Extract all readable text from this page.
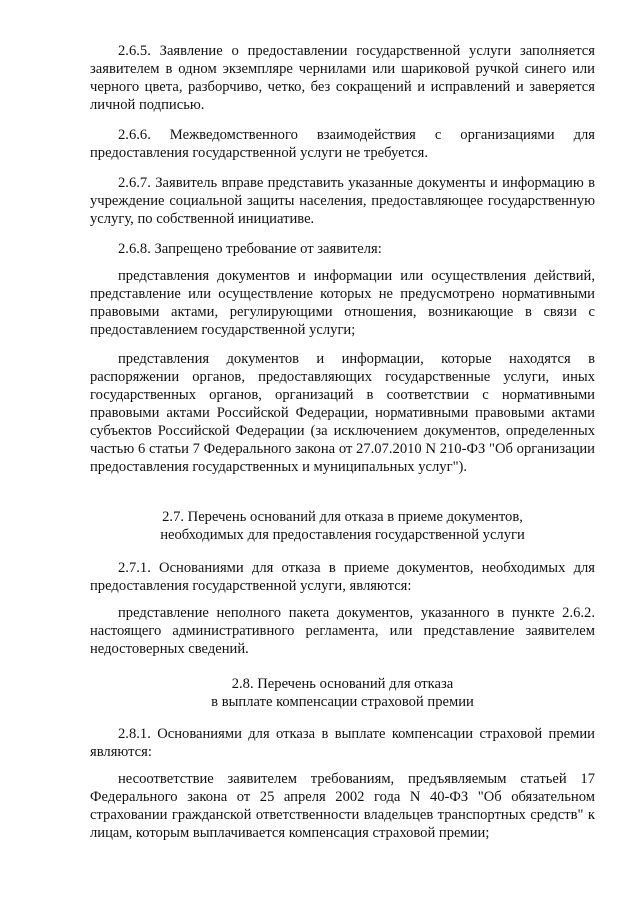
2.6.5. Заявление о предоставлении государственной услуги заполняется заявителем в одном экземпляре чернилами или шариковой ручкой синего или черного цвета, разборчиво, четко, без сокращений и исправлений и заверяется личной подписью.

2.6.6. Межведомственного взаимодействия с организациями для предоставления государственной услуги не требуется.

2.6.7. Заявитель вправе представить указанные документы и информацию в учреждение социальной защиты населения, предоставляющее государственную услугу, по собственной инициативе.

2.6.8. Запрещено требование от заявителя:

представления документов и информации или осуществления действий, представление или осуществление которых не предусмотрено нормативными правовыми актами, регулирующими отношения, возникающие в связи с предоставлением государственной услуги;

представления документов и информации, которые находятся в распоряжении органов, предоставляющих государственные услуги, иных государственных органов, организаций в соответствии с нормативными правовыми актами Российской Федерации, нормативными правовыми актами субъектов Российской Федерации (за исключением документов, определенных частью 6 статьи 7 Федерального закона от 27.07.2010 N 210-ФЗ "Об организации предоставления государственных и муниципальных услуг").

2.7. Перечень оснований для отказа в приеме документов,
необходимых для предоставления государственной услуги

2.7.1. Основаниями для отказа в приеме документов, необходимых для предоставления государственной услуги, являются:

представление неполного пакета документов, указанного в пункте 2.6.2. настоящего административного регламента, или представление заявителем недостоверных сведений.

2.8. Перечень оснований для отказа
в выплате компенсации страховой премии

2.8.1. Основаниями для отказа в выплате компенсации страховой премии являются:

несоответствие заявителем требованиям, предъявляемым статьей 17 Федерального закона от 25 апреля 2002 года N 40-ФЗ "Об обязательном страховании гражданской ответственности владельцев транспортных средств" к лицам, которым выплачивается компенсация страховой премии;
